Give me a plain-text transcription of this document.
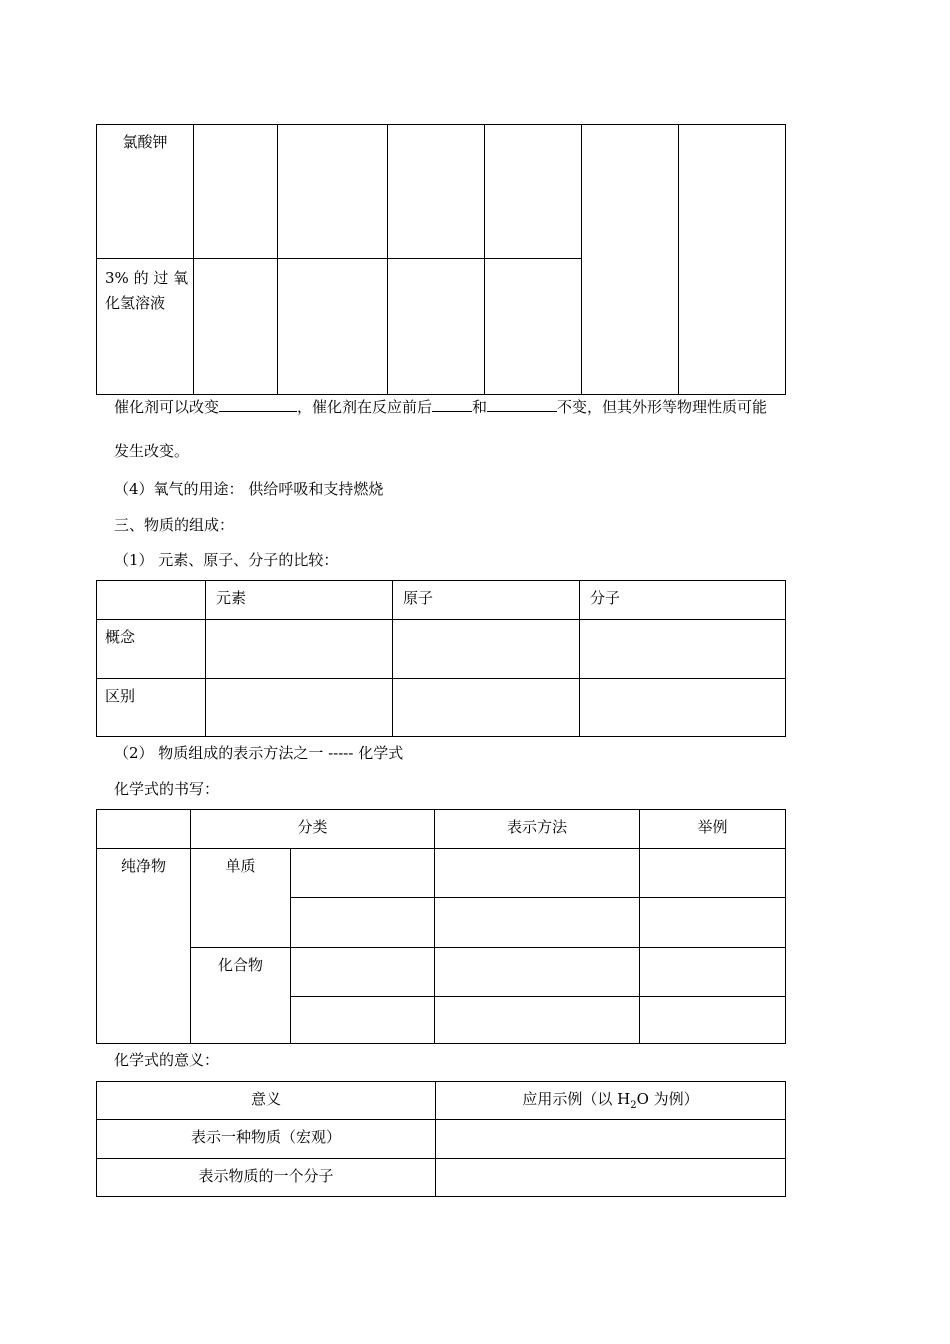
氯酸钾						

3% 的 过 氧
化氢溶液						

催化剂可以改变	，催化剂在反应前后	和	不变，但其外形等物理性质可能
发生改变。
（4）氧气的用途： 供给呼吸和支持燃烧
三、物质的组成：
（1） 元素、原子、分子的比较：
	元素	原子	分子
概念			
区别			
（2） 物质组成的表示方法之一 ----- 化学式
化学式的书写：
	分类		表示方法	举例
纯净物	单质			

	化合物			

化学式的意义：
意义	应用示例（以 $H_2O$ 为例）
表示一种物质（宏观）	
表示物质的一个分子	
